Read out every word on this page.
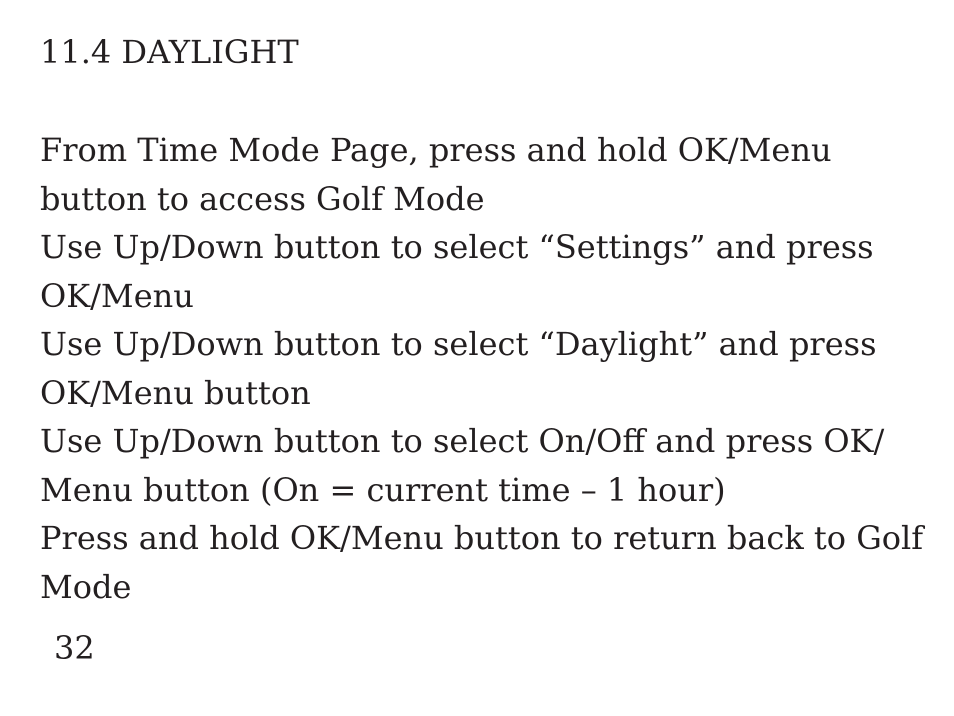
11.4 DAYLIGHT

From Time Mode Page, press and hold OK/Menu button to access Golf Mode

Use Up/Down button to select “Settings” and press OK/Menu

Use Up/Down button to select “Daylight” and press OK/Menu button

Use Up/Down button to select On/Off and press OK/ Menu button (On = current time – 1 hour)

Press and hold OK/Menu button to return back to Golf Mode

32
